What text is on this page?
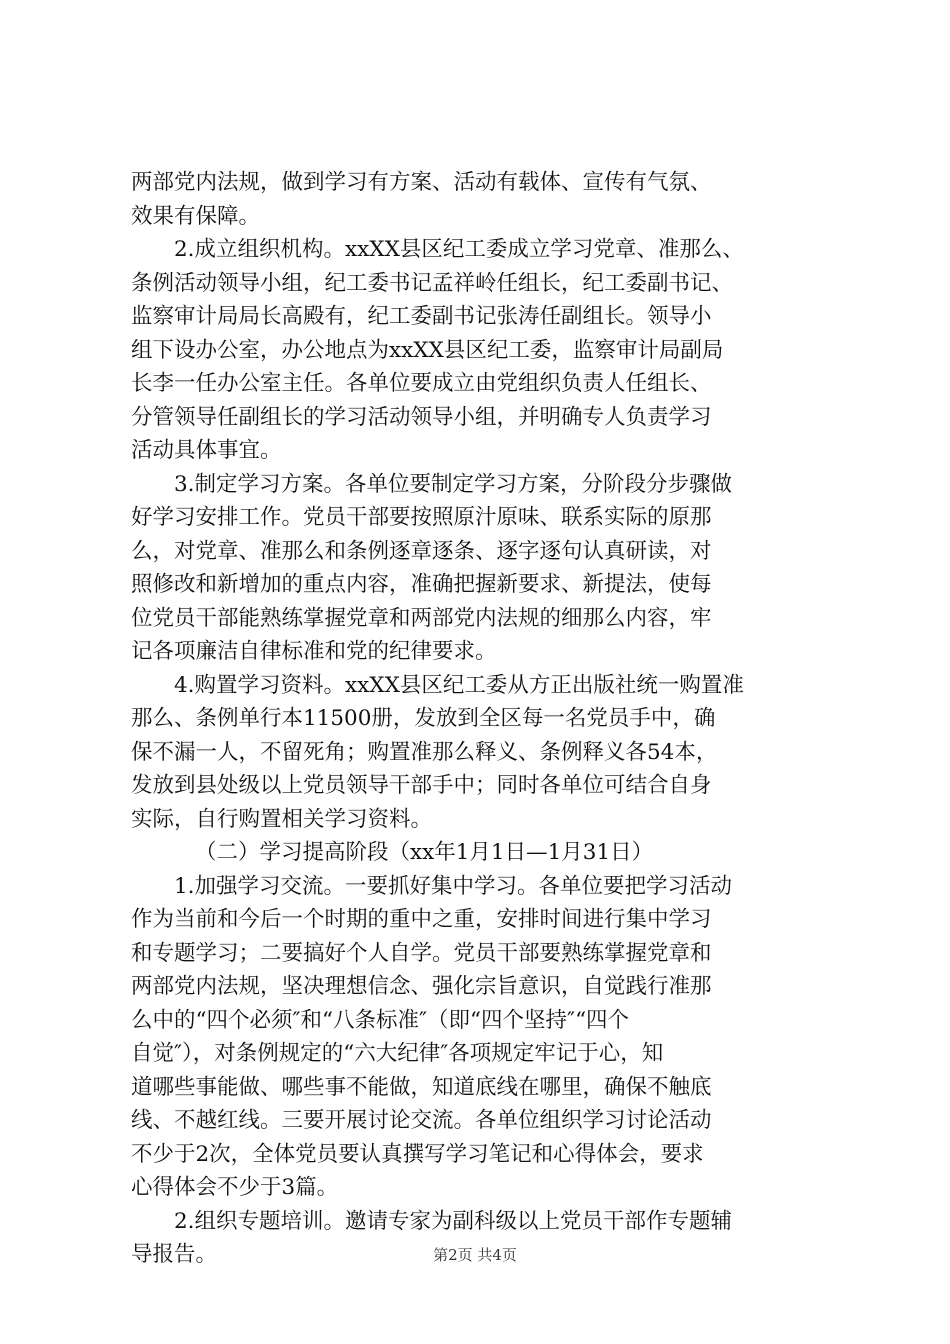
两部党内法规，做到学习有方案、活动有载体、宣传有气氛、
效果有保障。
2.成立组织机构。xxXX县区纪工委成立学习党章、准那么、
条例活动领导小组，纪工委书记孟祥岭任组长，纪工委副书记、
监察审计局局长高殿有，纪工委副书记张涛任副组长。领导小
组下设办公室，办公地点为xxXX县区纪工委，监察审计局副局
长李一任办公室主任。各单位要成立由党组织负责人任组长、
分管领导任副组长的学习活动领导小组，并明确专人负责学习
活动具体事宜。
3.制定学习方案。各单位要制定学习方案，分阶段分步骤做
好学习安排工作。党员干部要按照原汁原味、联系实际的原那
么，对党章、准那么和条例逐章逐条、逐字逐句认真研读，对
照修改和新增加的重点内容，准确把握新要求、新提法，使每
位党员干部能熟练掌握党章和两部党内法规的细那么内容，牢
记各项廉洁自律标准和党的纪律要求。
4.购置学习资料。xxXX县区纪工委从方正出版社统一购置准
那么、条例单行本11500册，发放到全区每一名党员手中，确
保不漏一人，不留死角；购置准那么释义、条例释义各54本，
发放到县处级以上党员领导干部手中；同时各单位可结合自身
实际，自行购置相关学习资料。
（二）学习提高阶段（xx年1月1日—1月31日）
1.加强学习交流。一要抓好集中学习。各单位要把学习活动
作为当前和今后一个时期的重中之重，安排时间进行集中学习
和专题学习；二要搞好个人自学。党员干部要熟练掌握党章和
两部党内法规，坚决理想信念、强化宗旨意识，自觉践行准那
么中的“四个必须″和“八条标准″（即“四个坚持″“四个
自觉″），对条例规定的“六大纪律″各项规定牢记于心，知
道哪些事能做、哪些事不能做，知道底线在哪里，确保不触底
线、不越红线。三要开展讨论交流。各单位组织学习讨论活动
不少于2次，全体党员要认真撰写学习笔记和心得体会，要求
心得体会不少于3篇。
2.组织专题培训。邀请专家为副科级以上党员干部作专题辅
导报告。	第2页 共4页
